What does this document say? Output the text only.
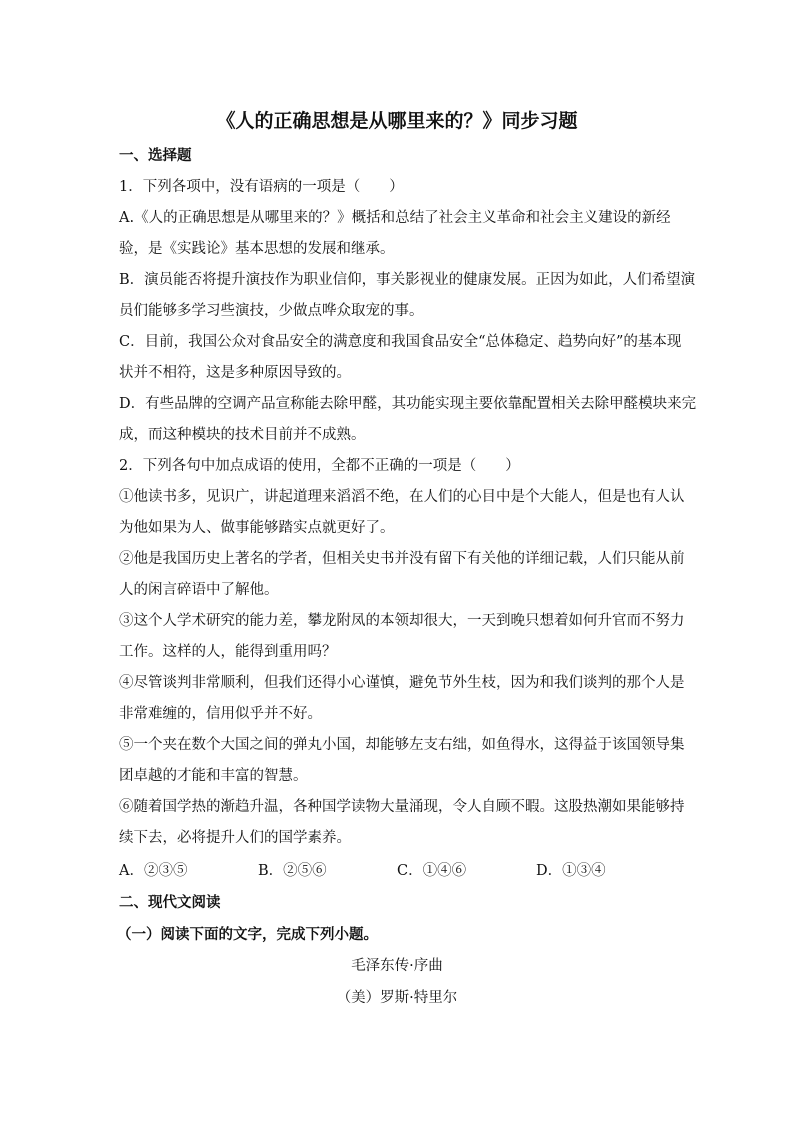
《人的正确思想是从哪里来的？》同步习题
一、选择题
1．下列各项中，没有语病的一项是（　　）
A.《人的正确思想是从哪里来的？》概括和总结了社会主义革命和社会主义建设的新经
验，是《实践论》基本思想的发展和继承。
B．演员能否将提升演技作为职业信仰，事关影视业的健康发展。正因为如此，人们希望演
员们能够多学习些演技，少做点哗众取宠的事。
C．目前，我国公众对食品安全的满意度和我国食品安全“总体稳定、趋势向好”的基本现
状并不相符，这是多种原因导致的。
D．有些品牌的空调产品宣称能去除甲醛，其功能实现主要依靠配置相关去除甲醛模块来完
成，而这种模块的技术目前并不成熟。
2．下列各句中加点成语的使用，全都不正确的一项是（　　）
①他读书多，见识广，讲起道理来滔滔不绝，在人们的心目中是个大能人，但是也有人认
为他如果为人、做事能够踏实点就更好了。
②他是我国历史上著名的学者，但相关史书并没有留下有关他的详细记载，人们只能从前
人的闲言碎语中了解他。
③这个人学术研究的能力差，攀龙附凤的本领却很大，一天到晚只想着如何升官而不努力
工作。这样的人，能得到重用吗？
④尽管谈判非常顺利，但我们还得小心谨慎，避免节外生枝，因为和我们谈判的那个人是
非常难缠的，信用似乎并不好。
⑤一个夹在数个大国之间的弹丸小国，却能够左支右绌，如鱼得水，这得益于该国领导集
团卓越的才能和丰富的智慧。
⑥随着国学热的渐趋升温，各种国学读物大量涌现，令人自顾不暇。这股热潮如果能够持
续下去，必将提升人们的国学素养。
A．②③⑤	B．②⑤⑥	C．①④⑥	D．①③④
二、现代文阅读
（一）阅读下面的文字，完成下列小题。
毛泽东传·序曲
（美）罗斯·特里尔
